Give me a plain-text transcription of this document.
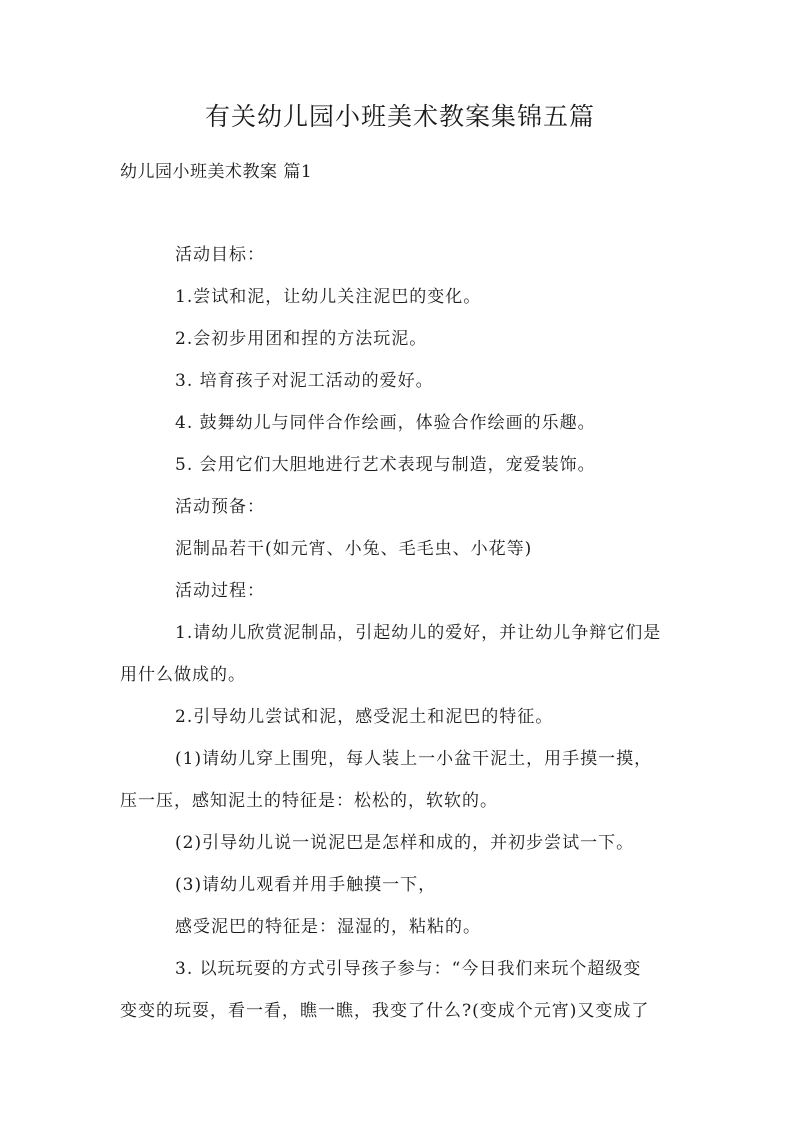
有关幼儿园小班美术教案集锦五篇

幼儿园小班美术教案 篇1

活动目标：

1.尝试和泥，让幼儿关注泥巴的变化。

2.会初步用团和捏的方法玩泥。

3. 培育孩子对泥工活动的爱好。

4. 鼓舞幼儿与同伴合作绘画，体验合作绘画的乐趣。

5. 会用它们大胆地进行艺术表现与制造，宠爱装饰。

活动预备：

泥制品若干(如元宵、小兔、毛毛虫、小花等)

活动过程：

1.请幼儿欣赏泥制品，引起幼儿的爱好，并让幼儿争辩它们是

用什么做成的。

2.引导幼儿尝试和泥，感受泥土和泥巴的特征。

(1)请幼儿穿上围兜，每人装上一小盆干泥土，用手摸一摸，

压一压，感知泥土的特征是：松松的，软软的。

(2)引导幼儿说一说泥巴是怎样和成的，并初步尝试一下。

(3)请幼儿观看并用手触摸一下，

感受泥巴的特征是：湿湿的，粘粘的。

3. 以玩玩耍的方式引导孩子参与：“今日我们来玩个超级变

变变的玩耍，看一看，瞧一瞧，我变了什么?(变成个元宵)又变成了
